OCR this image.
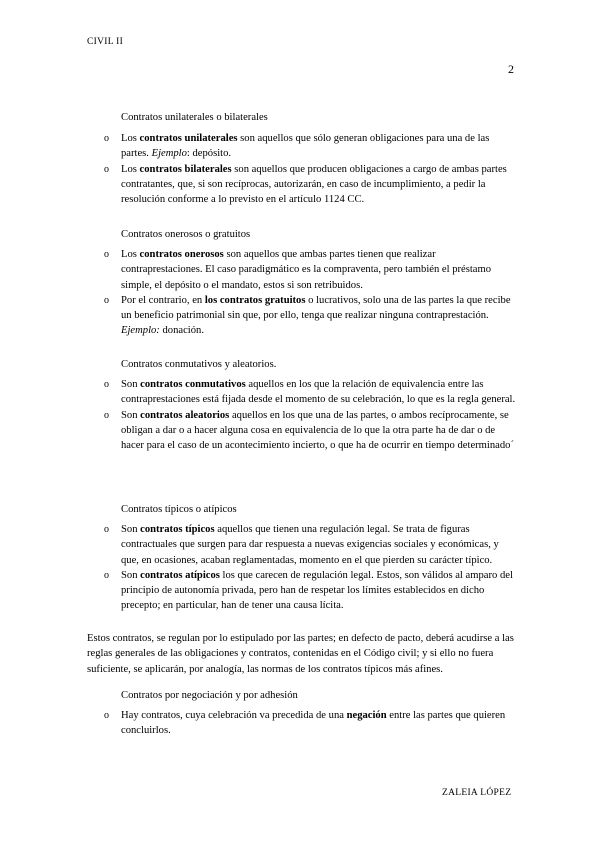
CIVIL II
2
Contratos unilaterales o bilaterales
o Los contratos unilaterales son aquellos que sólo generan obligaciones para una de las partes. Ejemplo: depósito.
o Los contratos bilaterales son aquellos que producen obligaciones a cargo de ambas partes contratantes, que, si son recíprocas, autorizarán, en caso de incumplimiento, a pedir la resolución conforme a lo previsto en el artículo 1124 CC.
Contratos onerosos o gratuitos
o Los contratos onerosos son aquellos que ambas partes tienen que realizar contraprestaciones. El caso paradigmático es la compraventa, pero también el préstamo simple, el depósito o el mandato, estos si son retribuidos.
o Por el contrario, en los contratos gratuitos o lucrativos, solo una de las partes la que recibe un beneficio patrimonial sin que, por ello, tenga que realizar ninguna contraprestación. Ejemplo: donación.
Contratos conmutativos y aleatorios.
o Son contratos conmutativos aquellos en los que la relación de equivalencia entre las contraprestaciones está fijada desde el momento de su celebración, lo que es la regla general.
o Son contratos aleatorios aquellos en los que una de las partes, o ambos recíprocamente, se obligan a dar o a hacer alguna cosa en equivalencia de lo que la otra parte ha de dar o de hacer para el caso de un acontecimiento incierto, o que ha de ocurrir en tiempo determinado´
Contratos típicos o atípicos
o Son contratos típicos aquellos que tienen una regulación legal. Se trata de figuras contractuales que surgen para dar respuesta a nuevas exigencias sociales y económicas, y que, en ocasiones, acaban reglamentadas, momento en el que pierden su carácter típico.
o Son contratos atípicos los que carecen de regulación legal. Estos, son válidos al amparo del principio de autonomía privada, pero han de respetar los límites establecidos en dicho precepto; en particular, han de tener una causa lícita.

Estos contratos, se regulan por lo estipulado por las partes; en defecto de pacto, deberá acudirse a las reglas generales de las obligaciones y contratos, contenidas en el Código civil; y si ello no fuera suficiente, se aplicarán, por analogía, las normas de los contratos típicos más afines.

Contratos por negociación y por adhesión
o Hay contratos, cuya celebración va precedida de una negación entre las partes que quieren concluirlos.
ZALEIA LÓPEZ
